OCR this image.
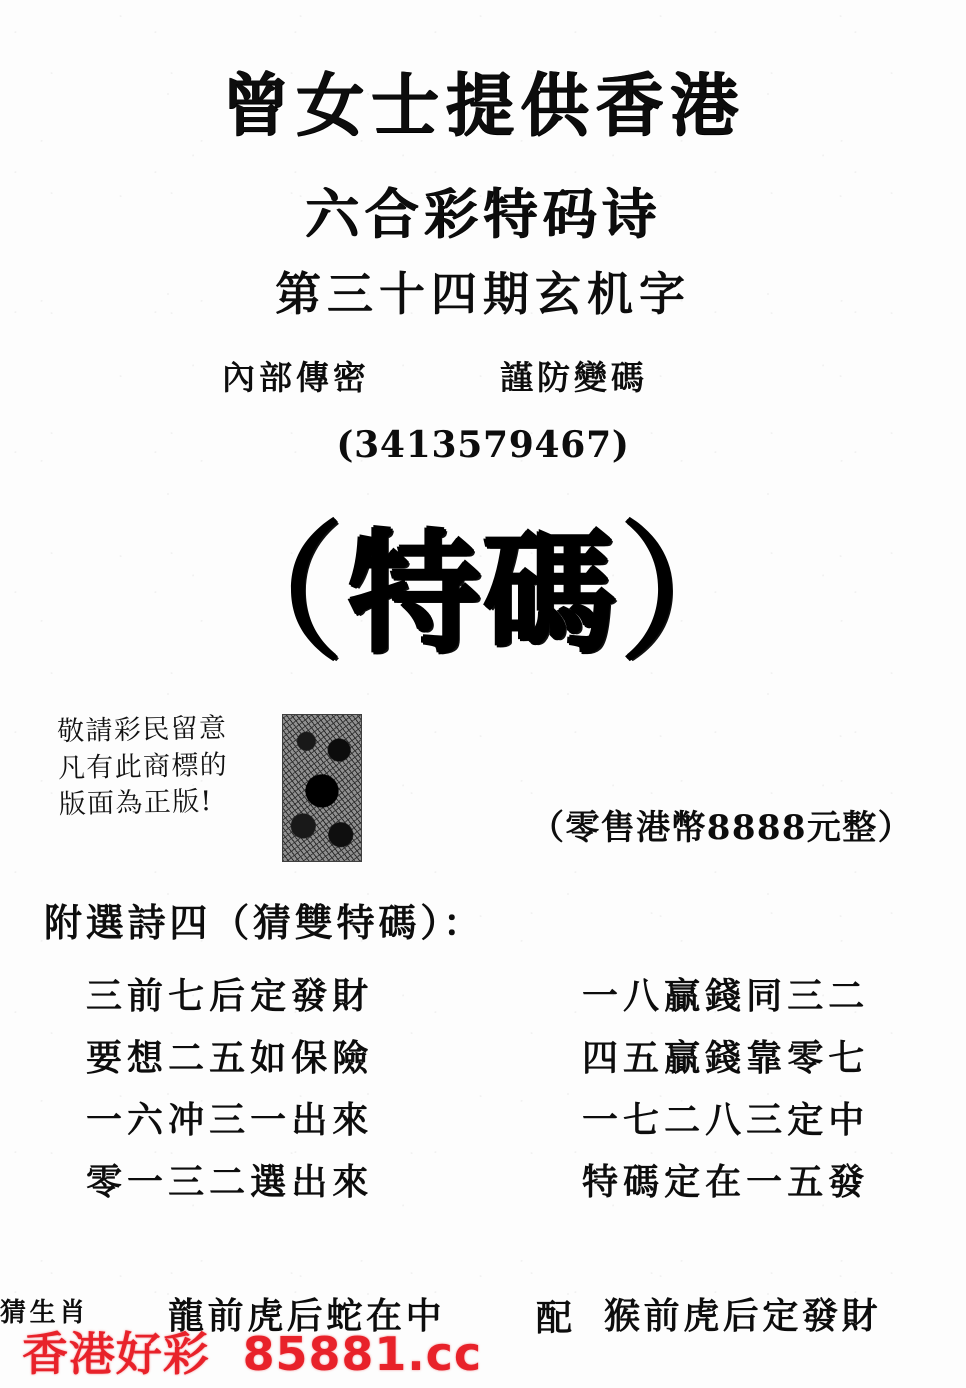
曾女士提供香港
六合彩特码诗
第三十四期玄机字
內部傳密	謹防變碼
(3413579467)
（特碼）
敬請彩民留意
凡有此商標的
版面為正版!
（零售港幣8888元整）
附選詩四（猜雙特碼）：
三前七后定發財
要想二五如保險
一六冲三一出來
零一三二選出來
一八贏錢同三二
四五贏錢靠零七
一七二八三定中
特碼定在一五發
猜生肖 龍前虎后蛇在中	配 猴前虎后定發財
香港好彩 85881.cc
